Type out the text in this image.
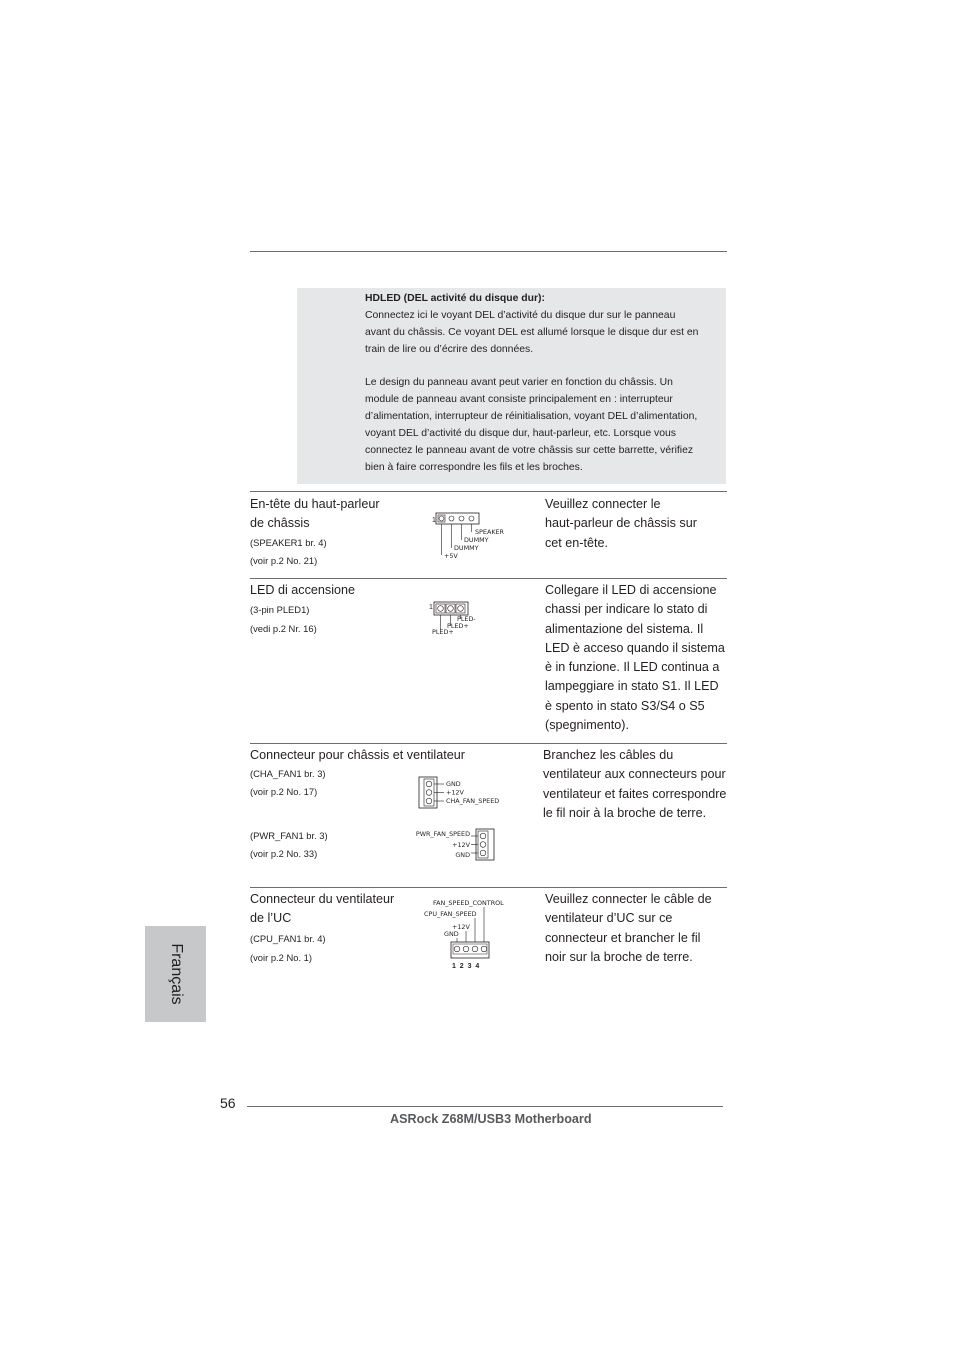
HDLED (DEL activité du disque dur):
Connectez ici le voyant DEL d’activité du disque dur sur le panneau
avant du châssis. Ce voyant DEL est allumé lorsque le disque dur est en
train de lire ou d’écrire des données.
Le design du panneau avant peut varier en fonction du châssis. Un
module de panneau avant consiste principalement en : interrupteur
d’alimentation, interrupteur de réinitialisation, voyant DEL d’alimentation,
voyant DEL d’activité du disque dur, haut-parleur, etc. Lorsque vous
connectez le panneau avant de votre châssis sur cette barrette, vérifiez
bien à faire correspondre les fils et les broches.
En-tête du haut-parleur
de châssis
(SPEAKER1 br. 4)
(voir p.2 No. 21)
1
SPEAKER
DUMMY
DUMMY
+5V
Veuillez connecter le
haut-parleur de châssis sur
cet en-tête.
LED di accensione
(3-pin PLED1)
(vedi p.2 Nr. 16)
1
PLED-
PLED+
PLED+
Collegare il LED di accensione
chassi per indicare lo stato di
alimentazione del sistema. Il
LED è acceso quando il sistema
è in funzione. Il LED continua a
lampeggiare in stato S1. Il LED
è spento in stato S3/S4 o S5
(spegnimento).
Connecteur pour châssis et ventilateur
(CHA_FAN1 br. 3)
(voir p.2 No. 17)
GND
+12V
CHA_FAN_SPEED
(PWR_FAN1 br. 3)
(voir p.2 No. 33)
PWR_FAN_SPEED
+12V
GND
Branchez les câbles du
ventilateur aux connecteurs pour
ventilateur et faites correspondre
le fil noir à la broche de terre.
Connecteur du ventilateur
de l’UC
(CPU_FAN1 br. 4)
(voir p.2 No. 1)
FAN_SPEED_CONTROL
CPU_FAN_SPEED
+12V
GND
1  2  3  4
Veuillez connecter le câble de
ventilateur d’UC sur ce
connecteur et brancher le fil
noir sur la broche de terre.
Français
56
ASRock Z68M/USB3 Motherboard
